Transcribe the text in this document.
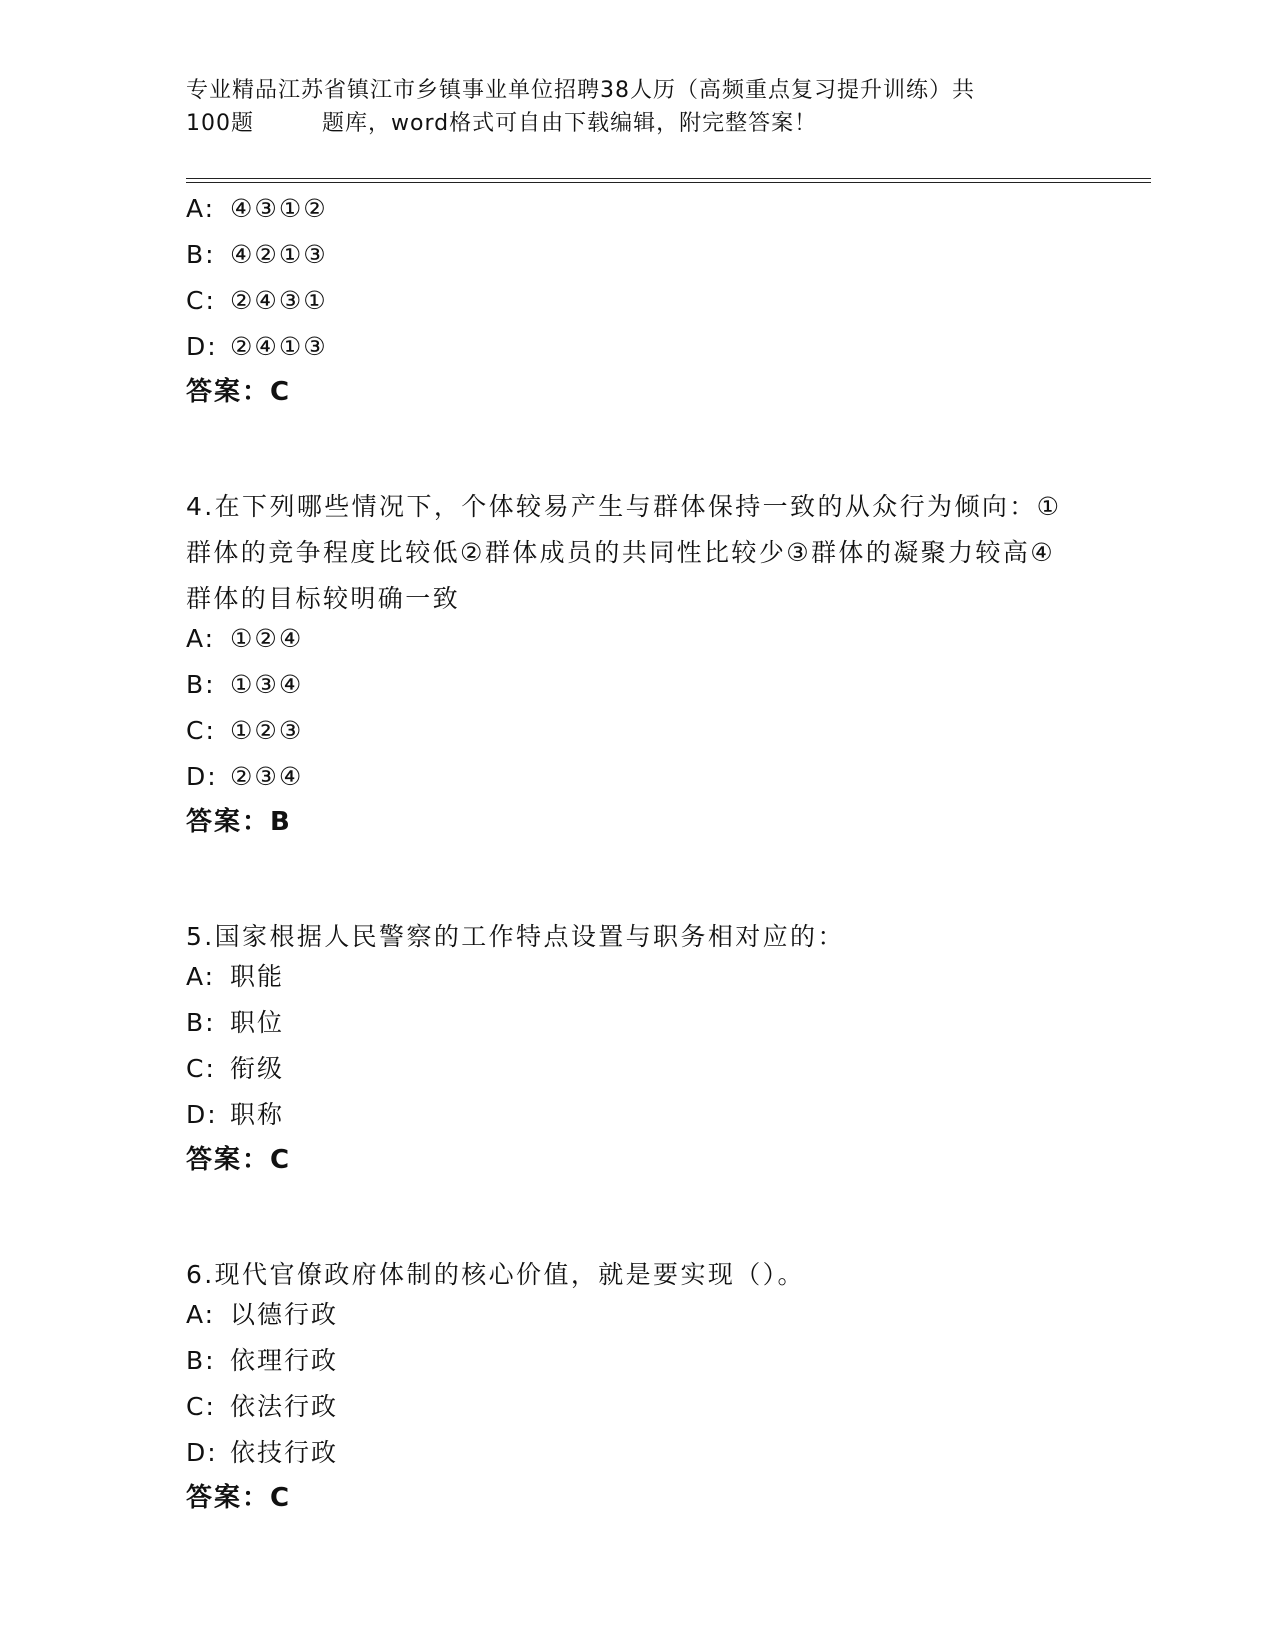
专业精品江苏省镇江市乡镇事业单位招聘38人历（高频重点复习提升训练）共
100题	题库，word格式可自由下载编辑，附完整答案！
A: ④③①②
B: ④②①③
C: ②④③①
D: ②④①③
答案：C
4.在下列哪些情况下，个体较易产生与群体保持一致的从众行为倾向：①群体的竞争程度比较低②群体成员的共同性比较少③群体的凝聚力较高④群体的目标较明确一致
A: ①②④
B: ①③④
C: ①②③
D: ②③④
答案：B
5.国家根据人民警察的工作特点设置与职务相对应的：
A: 职能
B: 职位
C: 衔级
D: 职称
答案：C
6.现代官僚政府体制的核心价值，就是要实现（）。
A: 以德行政
B: 依理行政
C: 依法行政
D: 依技行政
答案：C
